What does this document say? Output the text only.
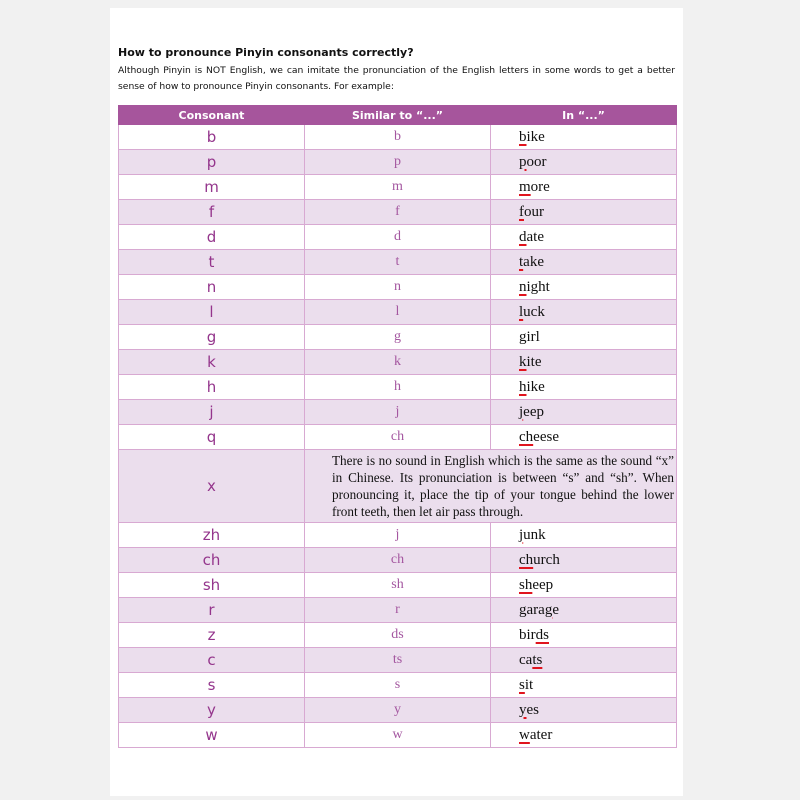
How to pronounce Pinyin consonants correctly?
Although Pinyin is NOT English, we can imitate the pronunciation of the English letters in some words to get a better sense of how to pronounce Pinyin consonants. For example:
Consonant	Similar to “...”	In “...”
b	b	bike
p	p	poor
m	m	more
f	f	four
d	d	date
t	t	take
n	n	night
l	l	luck
g	g	girl
k	k	kite
h	h	hike
j	j	jeep
q	ch	cheese
x	There is no sound in English which is the same as the sound “x” in Chinese. Its pronunciation is between “s” and “sh”. When pronouncing it, place the tip of your tongue behind the lower front teeth, then let air pass through.	
zh	j	junk
ch	ch	church
sh	sh	sheep
r	r	garage
z	ds	birds
c	ts	cats
s	s	sit
y	y	yes
w	w	water
